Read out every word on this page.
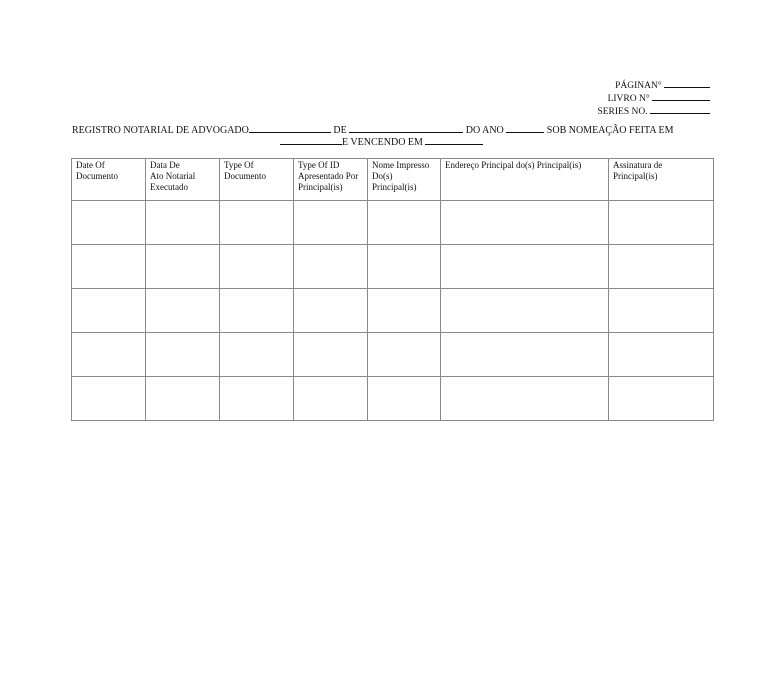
PÁGINAN°
LIVRO N°
SERIES NO.
REGISTRO NOTARIAL DE ADVOGADO	DE	DO ANO	SOB NOMEAÇÃO FEITA EM
E VENCENDO EM
Date Of
Documento	Data De
Ato Notarial
Executado	Type Of
Documento	Type Of ID
Apresentado Por
Principal(is)	Nome Impresso
Do(s) Principal(is)	Endereço Principal do(s) Principal(is)	Assinatura de
Principal(is)
